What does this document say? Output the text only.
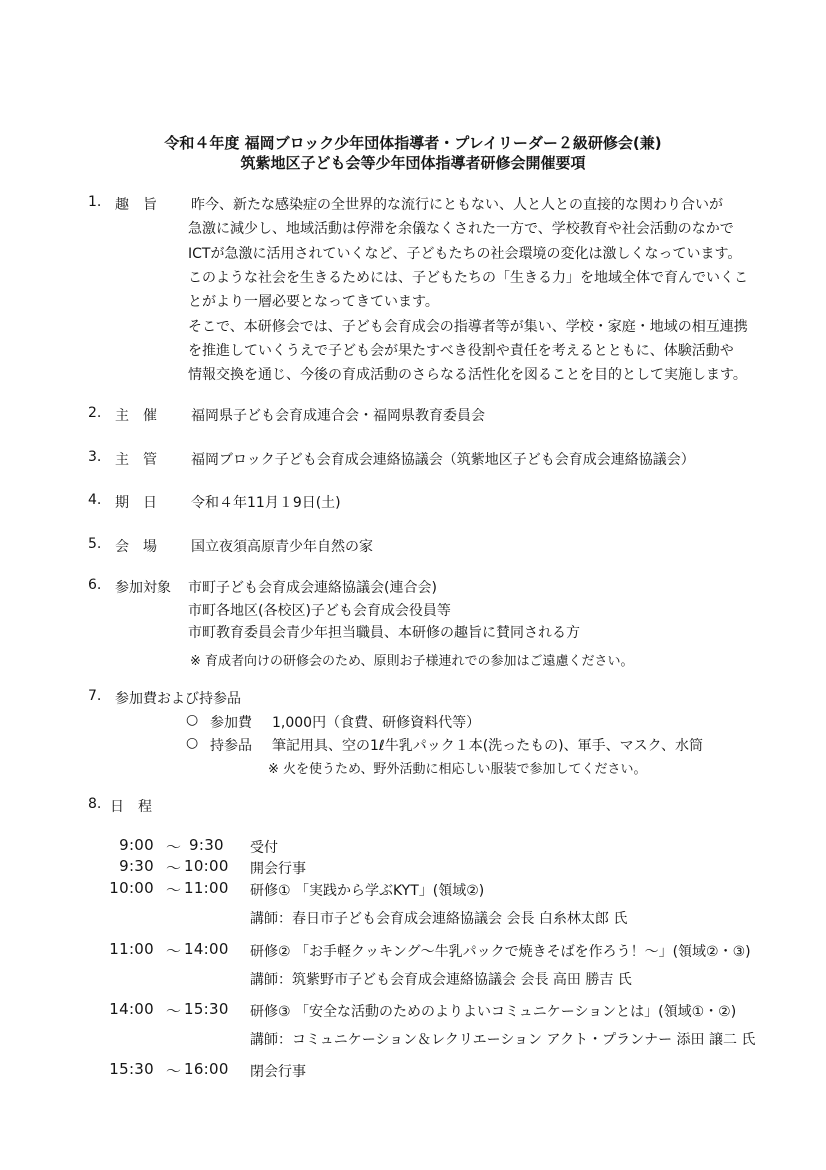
令和４年度 福岡ブロック少年団体指導者・プレイリーダー２級研修会(兼)
筑紫地区子ども会等少年団体指導者研修会開催要項
1. 趣　旨 昨今、新たな感染症の全世界的な流行にともない、人と人との直接的な関わり合いが
急激に減少し、地域活動は停滞を余儀なくされた一方で、学校教育や社会活動のなかで
ICTが急激に活用されていくなど、子どもたちの社会環境の変化は激しくなっています。
このような社会を生きるためには、子どもたちの「生きる力」を地域全体で育んでいくこ
とがより一層必要となってきています。
そこで、本研修会では、子ども会育成会の指導者等が集い、学校・家庭・地域の相互連携
を推進していくうえで子ども会が果たすべき役割や責任を考えるとともに、体験活動や
情報交換を通じ、今後の育成活動のさらなる活性化を図ることを目的として実施します。
2. 主　催 福岡県子ども会育成連合会・福岡県教育委員会
3. 主　管 福岡ブロック子ども会育成会連絡協議会（筑紫地区子ども会育成会連絡協議会）
4. 期　日 令和４年11月１9日(土)
5. 会　場 国立夜須高原青少年自然の家
6. 参加対象 市町子ども会育成会連絡協議会(連合会)
市町各地区(各校区)子ども会育成会役員等
市町教育委員会青少年担当職員、本研修の趣旨に賛同される方
※ 育成者向けの研修会のため、原則お子様連れでの参加はご遠慮ください。
7. 参加費および持参品
○ 参加費 1,000円（食費、研修資料代等）
○ 持参品 筆記用具、空の1ℓ牛乳パック１本(洗ったもの)、軍手、マスク、水筒
※ 火を使うため、野外活動に相応しい服装で参加してください。
8. 日　程
9:00 ～ 9:30 受付
9:30 ～ 10:00 開会行事
10:00 ～ 11:00 研修① 「実践から学ぶKYT」(領域②)
講師：春日市子ども会育成会連絡協議会 会長 白糸林太郎 氏
11:00 ～ 14:00 研修② 「お手軽クッキング～牛乳パックで焼きそばを作ろう！～」(領域②・③)
講師：筑紫野市子ども会育成会連絡協議会 会長 高田 勝吉 氏
14:00 ～ 15:30 研修③ 「安全な活動のためのよりよいコミュニケーションとは」(領域①・②)
講師：コミュニケーション＆レクリエーション アクト・プランナー 添田 譲二 氏
15:30 ～ 16:00 閉会行事
